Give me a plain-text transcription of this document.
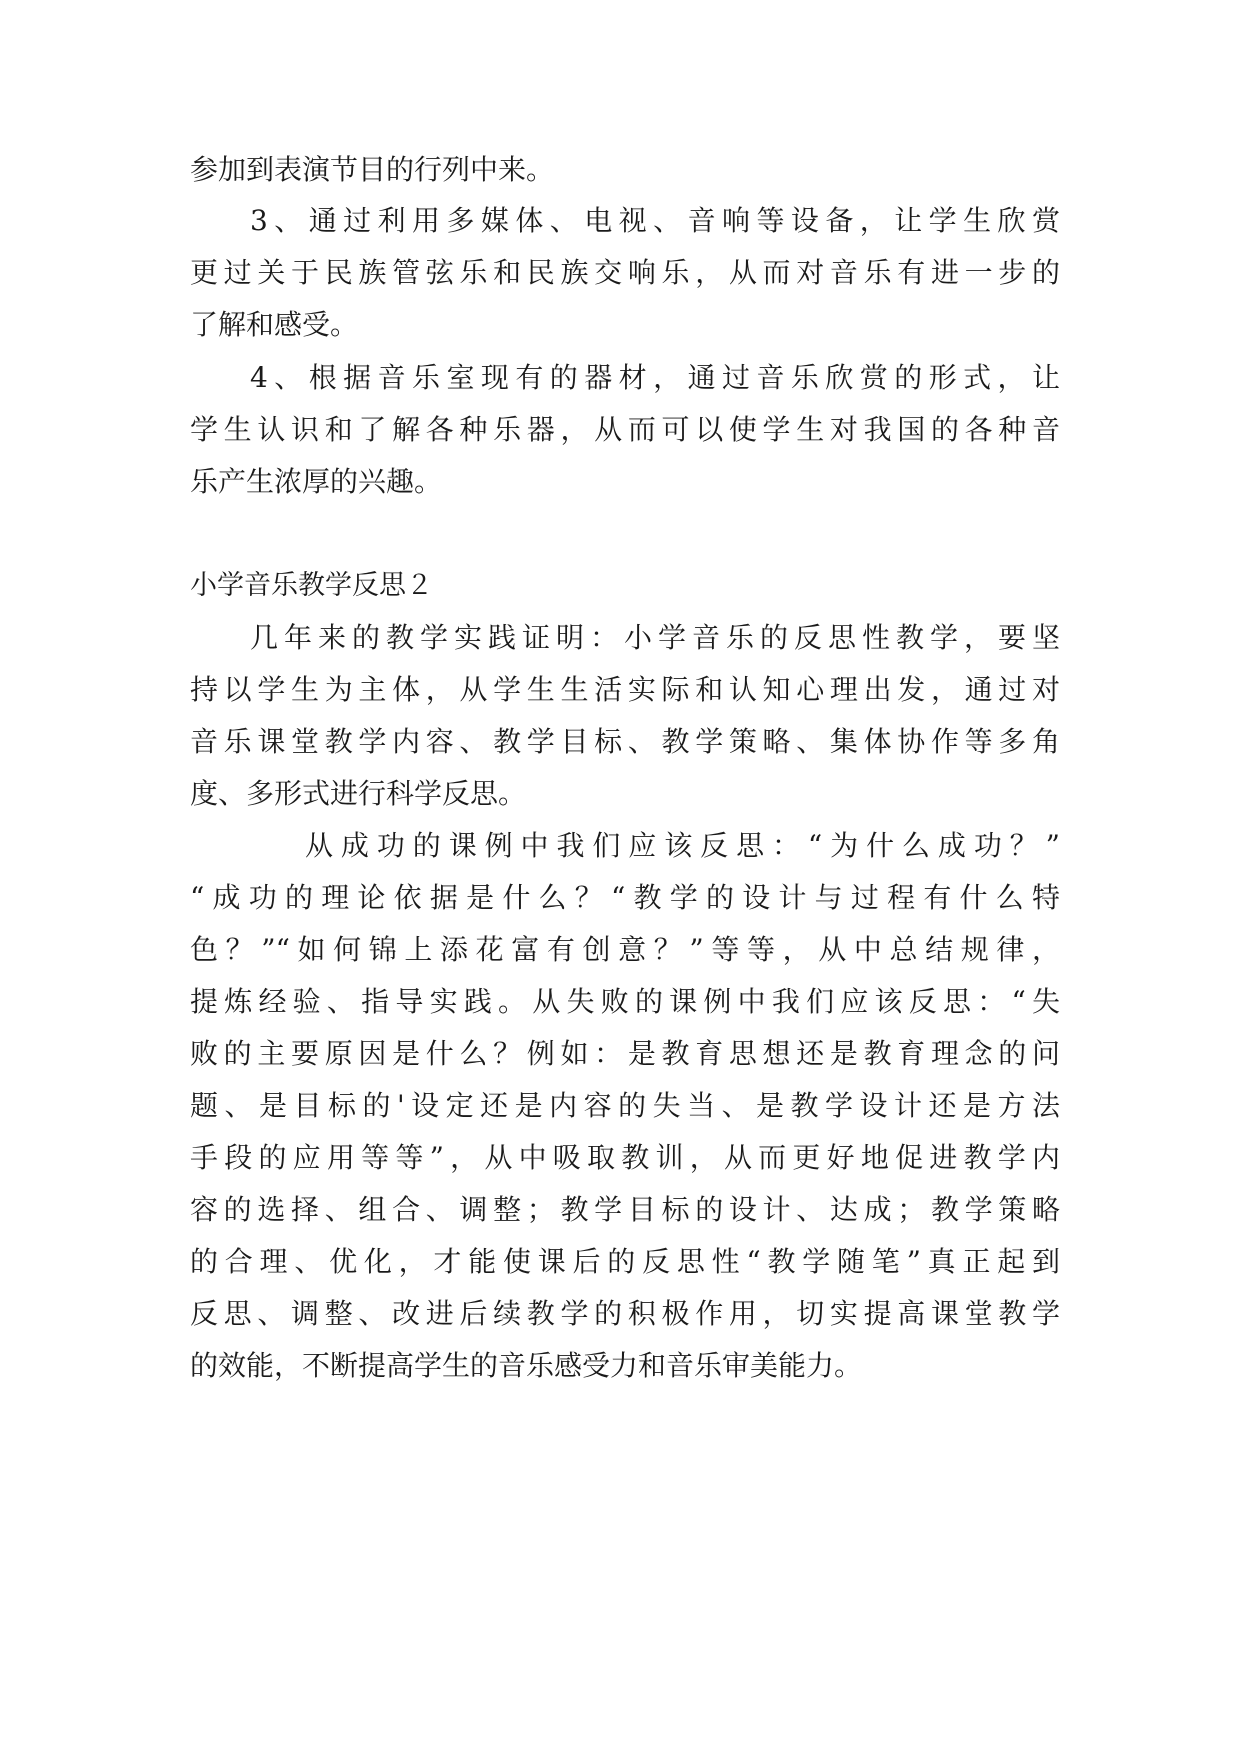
参加到表演节目的行列中来。
3、通过利用多媒体、电视、音响等设备，让学生欣赏
更过关于民族管弦乐和民族交响乐，从而对音乐有进一步的
了解和感受。
4、根据音乐室现有的器材，通过音乐欣赏的形式，让
学生认识和了解各种乐器，从而可以使学生对我国的各种音
乐产生浓厚的兴趣。
小学音乐教学反思２
几年来的教学实践证明：小学音乐的反思性教学，要坚
持以学生为主体，从学生生活实际和认知心理出发，通过对
音乐课堂教学内容、教学目标、教学策略、集体协作等多角
度、多形式进行科学反思。
从成功的课例中我们应该反思：“为什么成功？”
“成功的理论依据是什么？“教学的设计与过程有什么特
色？”“如何锦上添花富有创意？”等等，从中总结规律，
提炼经验、指导实践。从失败的课例中我们应该反思：“失
败的主要原因是什么？例如：是教育思想还是教育理念的问
题、是目标的'设定还是内容的失当、是教学设计还是方法
手段的应用等等”，从中吸取教训，从而更好地促进教学内
容的选择、组合、调整；教学目标的设计、达成；教学策略
的合理、优化，才能使课后的反思性“教学随笔”真正起到
反思、调整、改进后续教学的积极作用，切实提高课堂教学
的效能，不断提高学生的音乐感受力和音乐审美能力。
